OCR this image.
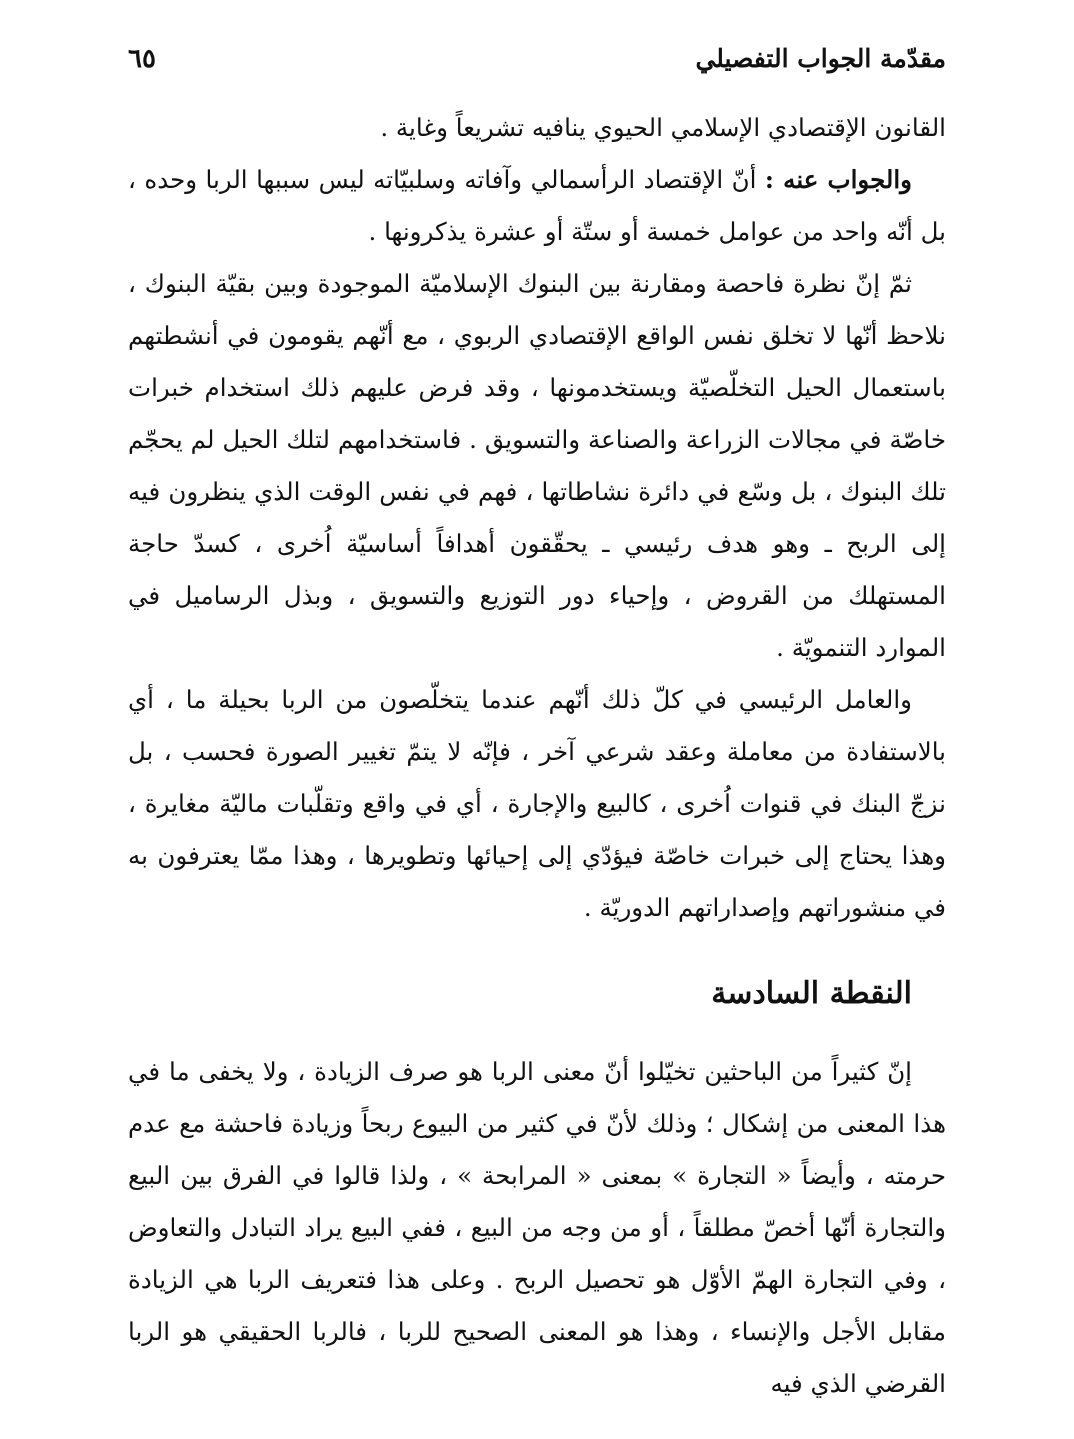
مقدّمة الجواب التفصيلي
٦٥

القانون الإقتصادي الإسلامي الحيوي ينافيه تشريعاً وغاية .

والجواب عنه : أنّ الإقتصاد الرأسمالي وآفاته وسلبيّاته ليس سببها الربا وحده ، بل أنّه واحد من عوامل خمسة أو ستّة أو عشرة يذكرونها .

ثمّ إنّ نظرة فاحصة ومقارنة بين البنوك الإسلاميّة الموجودة وبين بقيّة البنوك ، نلاحظ أنّها لا تخلق نفس الواقع الإقتصادي الربوي ، مع أنّهم يقومون في أنشطتهم باستعمال الحيل التخلّصيّة ويستخدمونها ، وقد فرض عليهم ذلك استخدام خبرات خاصّة في مجالات الزراعة والصناعة والتسويق . فاستخدامهم لتلك الحيل لم يحجّم تلك البنوك ، بل وسّع في دائرة نشاطاتها ، فهم في نفس الوقت الذي ينظرون فيه إلى الربح ـ وهو هدف رئيسي ـ يحقّقون أهدافاً أساسيّة اُخرى ، كسدّ حاجة المستهلك من القروض ، وإحياء دور التوزيع والتسويق ، وبذل الرساميل في الموارد التنمويّة .

والعامل الرئيسي في كلّ ذلك أنّهم عندما يتخلّصون من الربا بحيلة ما ، أي بالاستفادة من معاملة وعقد شرعي آخر ، فإنّه لا يتمّ تغيير الصورة فحسب ، بل نزجّ البنك في قنوات اُخرى ، كالبيع والإجارة ، أي في واقع وتقلّبات ماليّة مغايرة ، وهذا يحتاج إلى خبرات خاصّة فيؤدّي إلى إحيائها وتطويرها ، وهذا ممّا يعترفون به في منشوراتهم وإصداراتهم الدوريّة .

النقطة السادسة

إنّ كثيراً من الباحثين تخيّلوا أنّ معنى الربا هو صرف الزيادة ، ولا يخفى ما في هذا المعنى من إشكال ؛ وذلك لأنّ في كثير من البيوع ربحاً وزيادة فاحشة مع عدم حرمته ، وأيضاً « التجارة » بمعنى « المرابحة » ، ولذا قالوا في الفرق بين البيع والتجارة أنّها أخصّ مطلقاً ، أو من وجه من البيع ، ففي البيع يراد التبادل والتعاوض ، وفي التجارة الهمّ الأوّل هو تحصيل الربح . وعلى هذا فتعريف الربا هي الزيادة مقابل الأجل والإنساء ، وهذا هو المعنى الصحيح للربا ، فالربا الحقيقي هو الربا القرضي الذي فيه
